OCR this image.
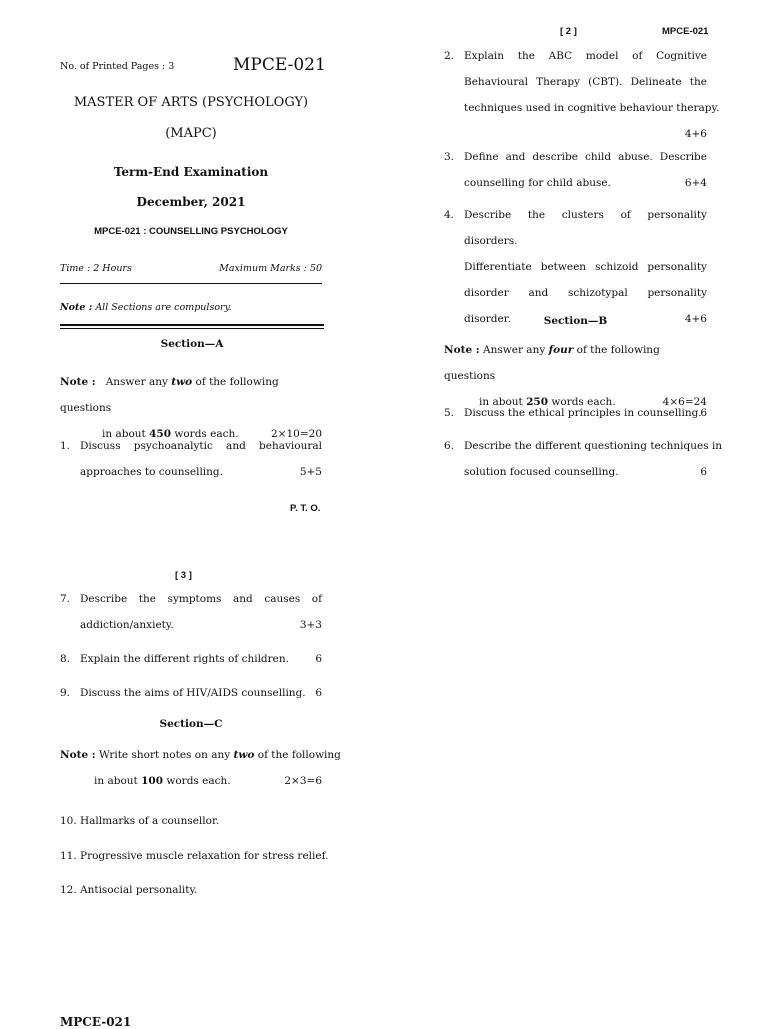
[ 2 ]	MPCE-021
2. Explain the ABC model of Cognitive
Behavioural Therapy (CBT). Delineate the
techniques used in cognitive behaviour therapy.
4+6
3. Define and describe child abuse. Describe
counselling for child abuse.	6+4
4. Describe the clusters of personality disorders.
Differentiate between schizoid personality
disorder and schizotypal personality
disorder.	4+6
Section—B
Note : Answer any four of the following questions
in about 250 words each.	4×6=24
5. Discuss the ethical principles in counselling.
6
6. Describe the different questioning techniques in
solution focused counselling.	6
No. of Printed Pages : 3	MPCE-021
MASTER OF ARTS (PSYCHOLOGY)
(MAPC)
Term-End Examination
December, 2021
MPCE-021 : COUNSELLING PSYCHOLOGY
Time : 2 Hours	Maximum Marks : 50
Note : All Sections are compulsory.
Section—A
Note : Answer any two of the following questions
in about 450 words each.	2×10=20
1. Discuss psychoanalytic and behavioural
approaches to counselling.	5+5
P. T. O.
[ 3 ]
7. Describe the symptoms and causes of
addiction/anxiety.	3+3
8. Explain the different rights of children.	6
9. Discuss the aims of HIV/AIDS counselling. 6
Section—C
Note : Write short notes on any two of the following
in about 100 words each.	2×3=6
10. Hallmarks of a counsellor.
11. Progressive muscle relaxation for stress relief.
12. Antisocial personality.
MPCE-021
